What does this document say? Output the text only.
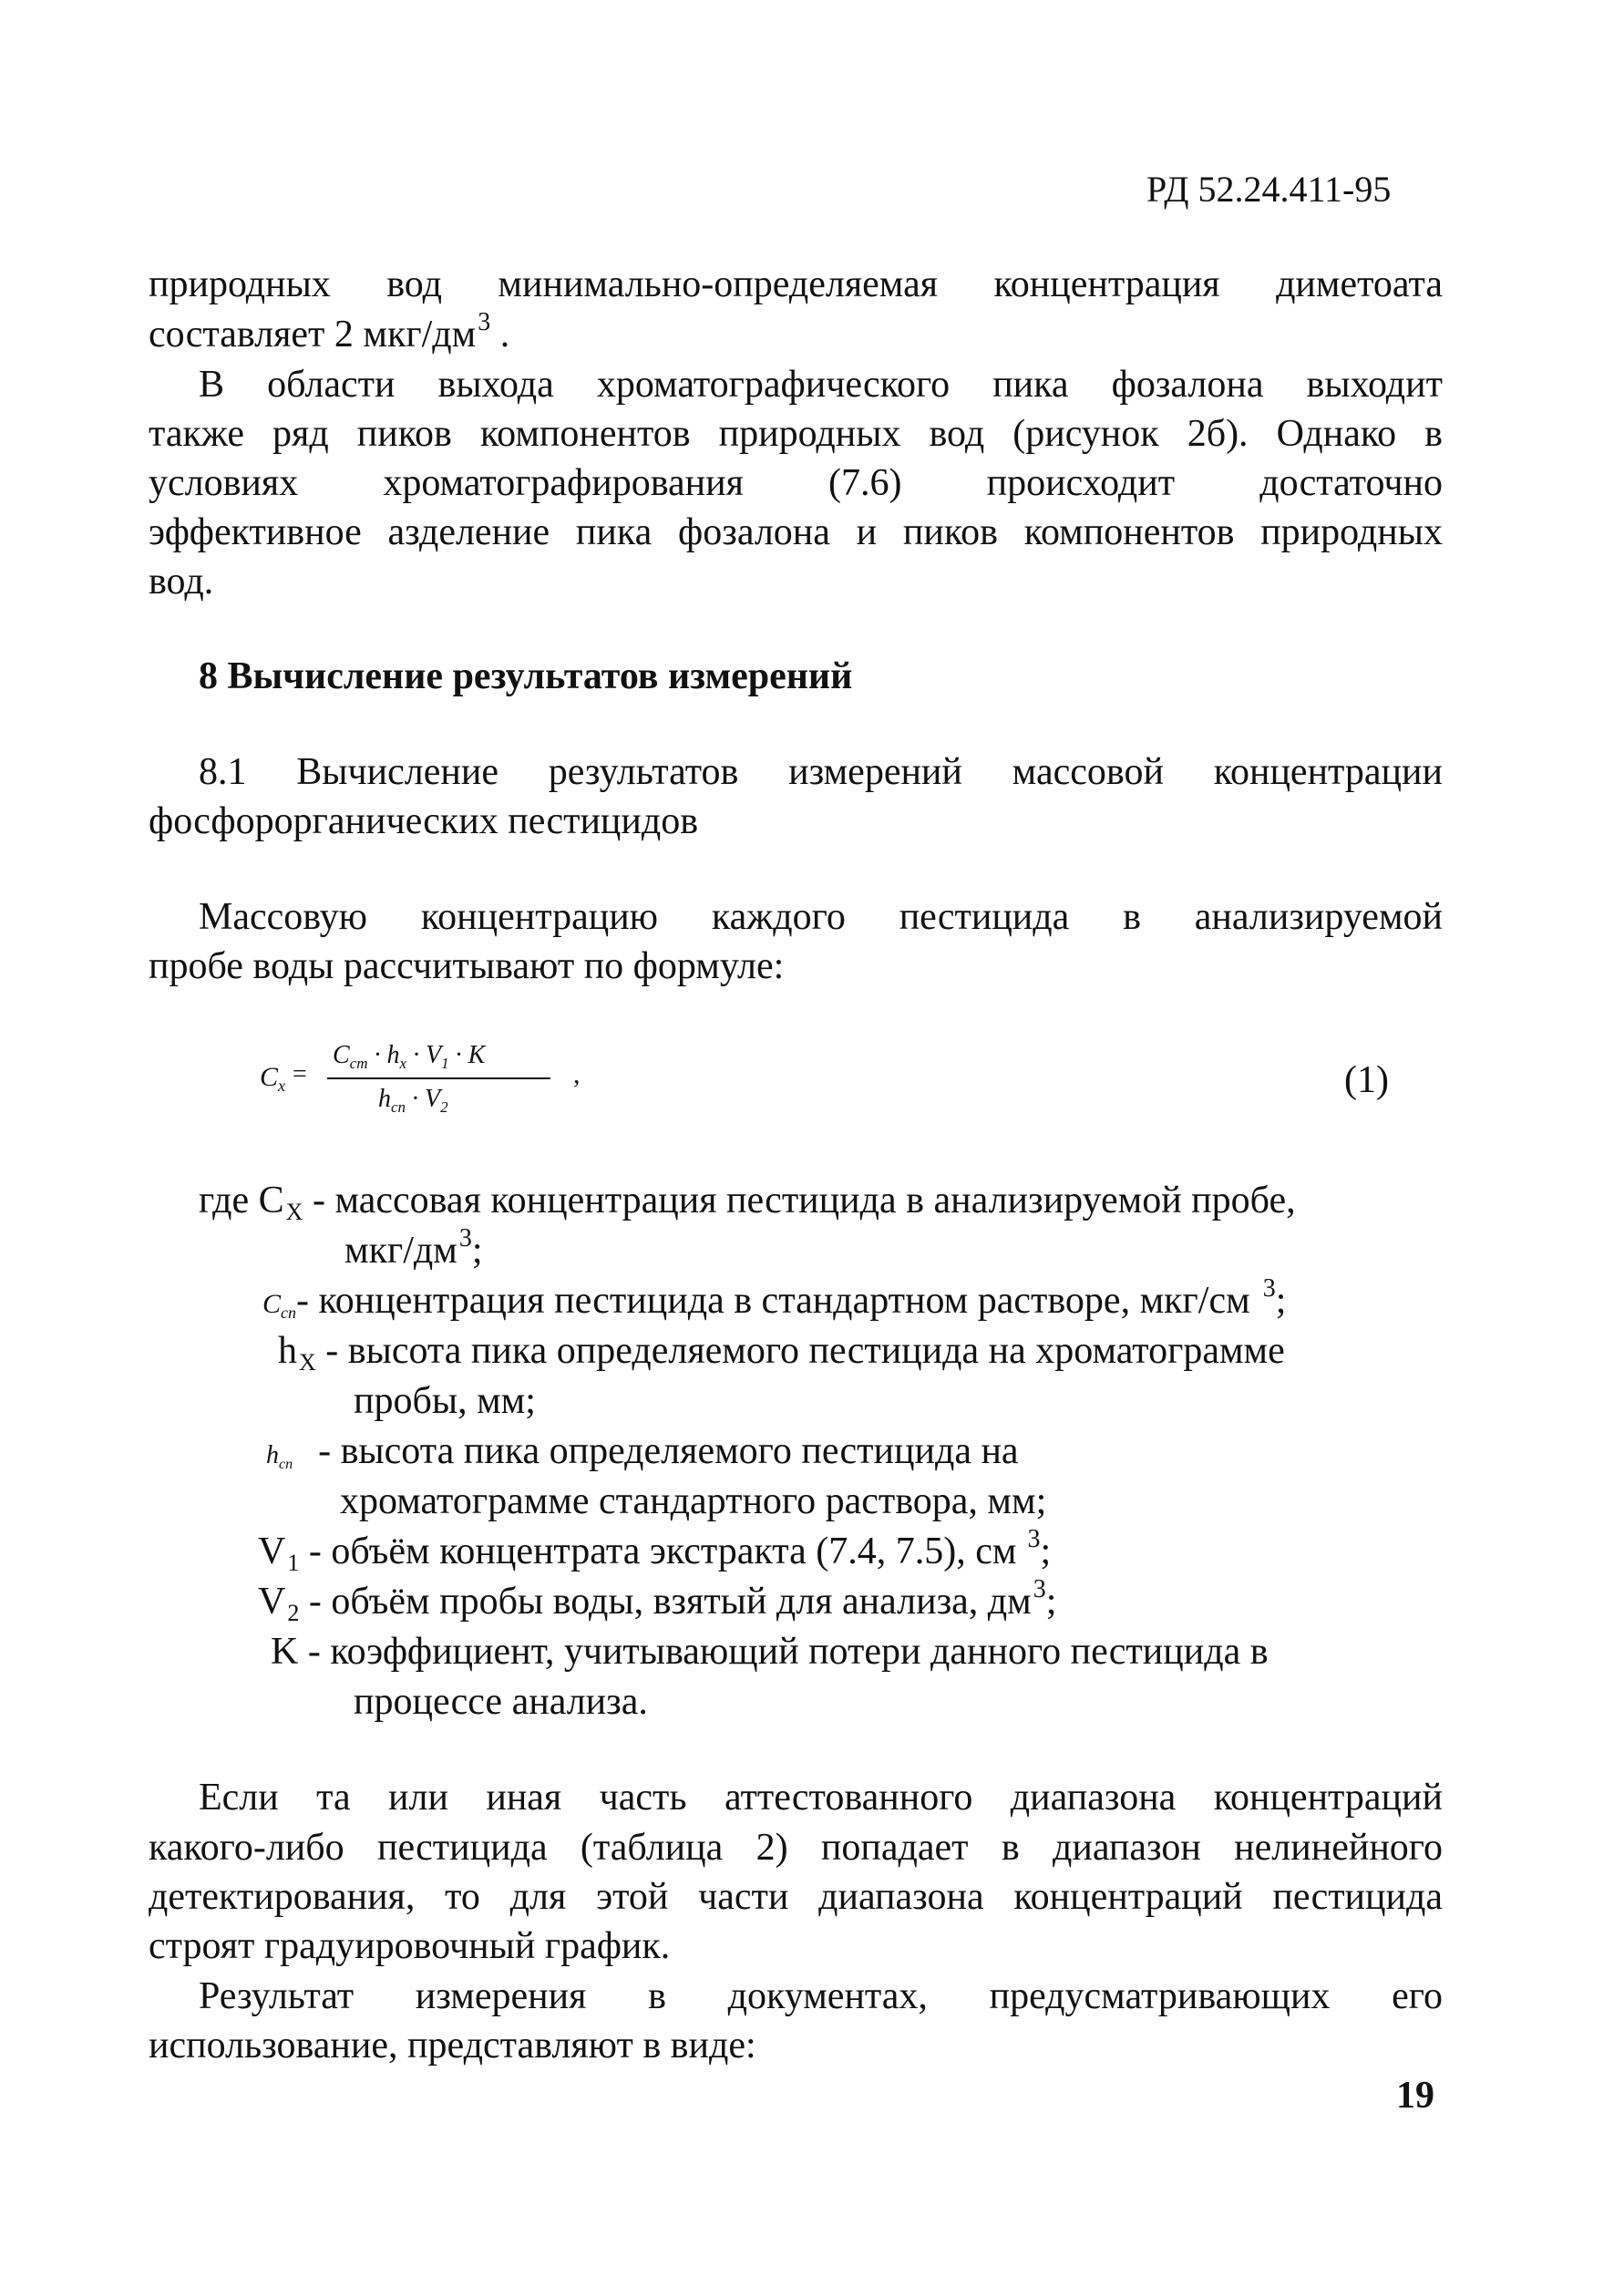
РД 52.24.411-95
природных вод минимально-определяемая концентрация диметоата
составляет 2 мкг/$дм^3$ .
В области выхода хроматографического пика фозалона выходит
также ряд пиков компонентов природных вод (рисунок 2б). Однако в
условиях хроматографирования (7.6) происходит достаточно
эффективное азделение пика фозалона и пиков компонентов природных
вод.
8 Вычисление результатов измерений
8.1 Вычисление результатов измерений массовой концентрации
фосфорорганических пестицидов
Массовую концентрацию каждого пестицида в анализируемой
пробе воды рассчитывают по формуле:
$C_x$ =
$C_{cm} \cdot h_x \cdot V_1 \cdot K$
$h_{cn} \cdot V_2$
,	(1)
где CX - массовая концентрация пестицида в анализируемой пробе,
мкг/$дм^3$;
Ccn- концентрация пестицида в стандартном растворе, мкг/см $^3$;
hX - высота пика определяемого пестицида на хроматограмме
пробы, мм;
hcn - высота пика определяемого пестицида на
хроматограмме стандартного раствора, мм;
V1 - объём концентрата экстракта (7.4, 7.5), см $^3$;
V2 - объём пробы воды, взятый для анализа, $дм^3$;
K - коэффициент, учитывающий потери данного пестицида в
процессе анализа.
Если та или иная часть аттестованного диапазона концентраций
какого-либо пестицида (таблица 2) попадает в диапазон нелинейного
детектирования, то для этой части диапазона концентраций пестицида
строят градуировочный график.
Результат измерения в документах, предусматривающих его
использование, представляют в виде:
19
